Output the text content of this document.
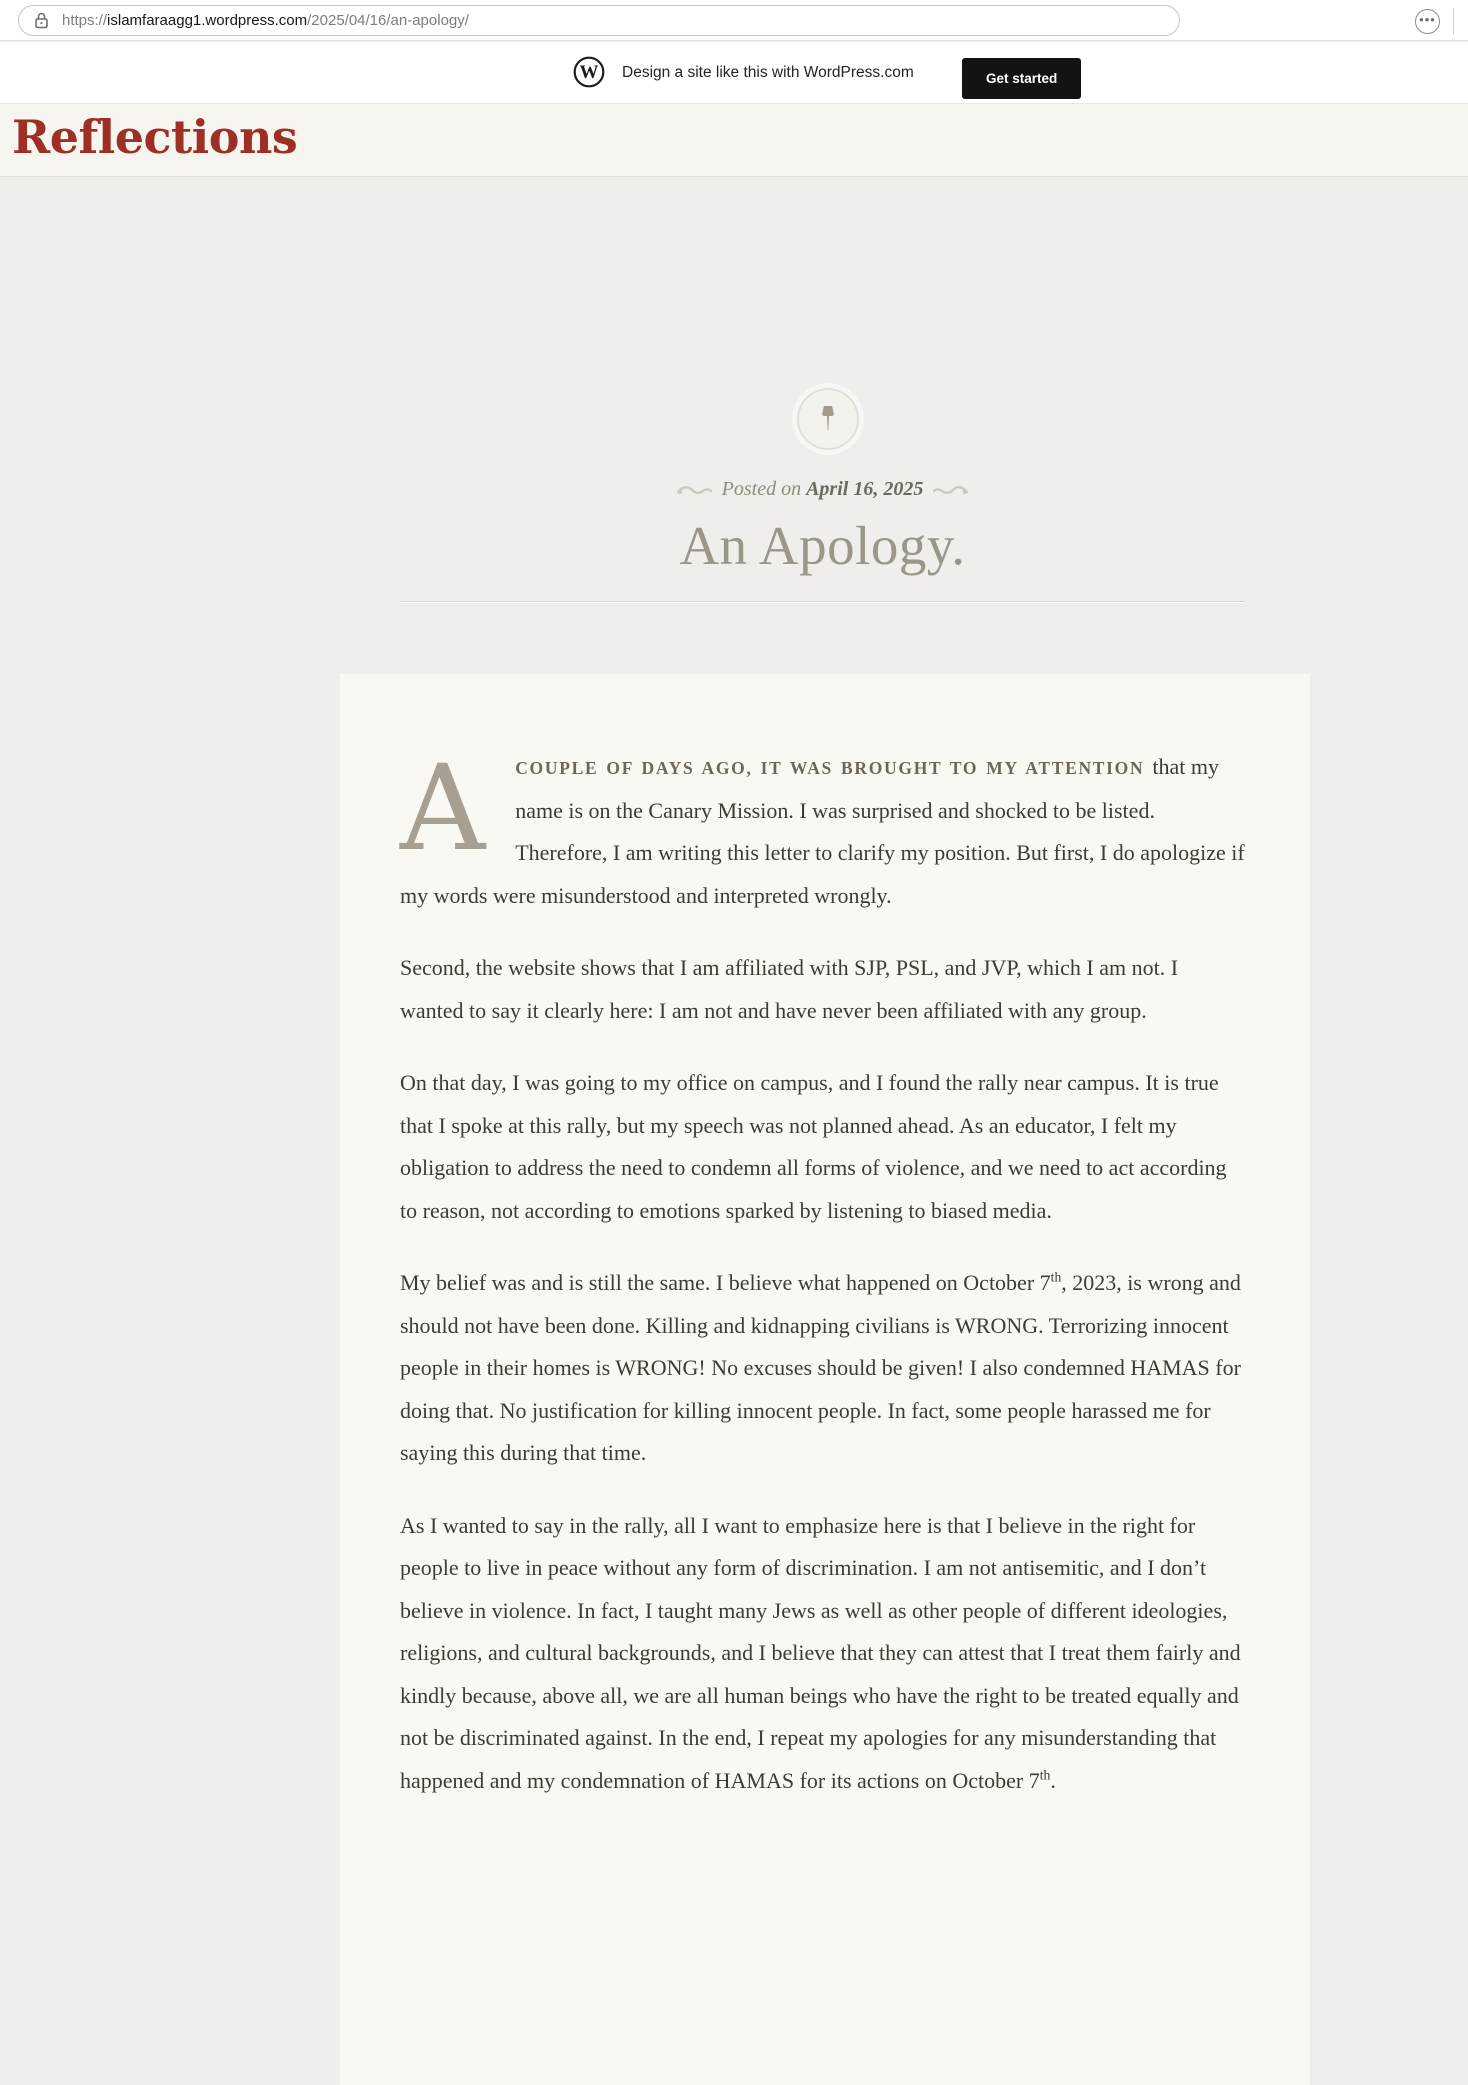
https://islamfaraagg1.wordpress.com/2025/04/16/an-apology/	•••
W Design a site like this with WordPress.com	Get started
Reflections
Posted on April 16, 2025
An Apology.

A	COUPLE OF DAYS AGO, IT WAS BROUGHT TO MY ATTENTION that my name is on the Canary Mission. I was surprised and shocked to be listed. Therefore, I am writing this letter to clarify my position. But first, I do apologize if my words were misunderstood and interpreted wrongly.

Second, the website shows that I am affiliated with SJP, PSL, and JVP, which I am not. I wanted to say it clearly here: I am not and have never been affiliated with any group.

On that day, I was going to my office on campus, and I found the rally near campus. It is true that I spoke at this rally, but my speech was not planned ahead. As an educator, I felt my obligation to address the need to condemn all forms of violence, and we need to act according to reason, not according to emotions sparked by listening to biased media.

My belief was and is still the same. I believe what happened on October 7th, 2023, is wrong and should not have been done. Killing and kidnapping civilians is WRONG. Terrorizing innocent people in their homes is WRONG! No excuses should be given! I also condemned HAMAS for doing that. No justification for killing innocent people. In fact, some people harassed me for saying this during that time.

As I wanted to say in the rally, all I want to emphasize here is that I believe in the right for people to live in peace without any form of discrimination. I am not antisemitic, and I don’t believe in violence. In fact, I taught many Jews as well as other people of different ideologies, religions, and cultural backgrounds, and I believe that they can attest that I treat them fairly and kindly because, above all, we are all human beings who have the right to be treated equally and not be discriminated against. In the end, I repeat my apologies for any misunderstanding that happened and my condemnation of HAMAS for its actions on October 7th.
